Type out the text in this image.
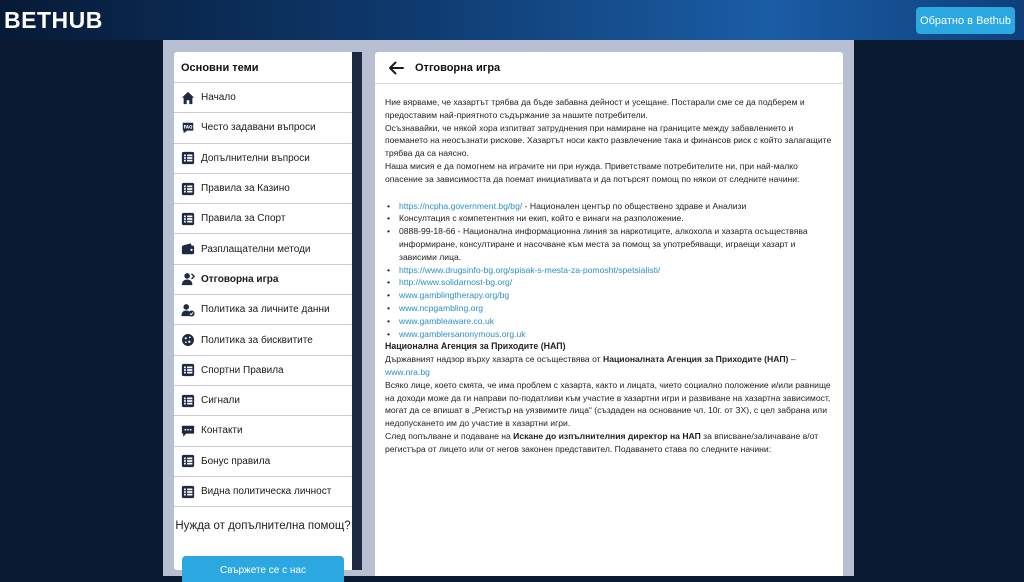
BETHUB	Обратно в Bethub
Основни теми
Начало
FAQ Често задавани въпроси
Допълнителни въпроси
Правила за Казино
Правила за Спорт
Разплащателни методи
Отговорна игра
Политика за личните данни
Политика за бисквитите
Спортни Правила
Сигнали
Контакти
Бонус правила
Видна политическа личност
Нужда от допълнителна помощ?
Свържете се с нас
Отговорна игра

Ние вярваме, че хазартът трябва да бъде забавна дейност и усещане. Постарали сме се да подберем и предоставим най-приятното съдържание за нашите потребители.

Осъзнавайки, че някой хора изпитват затруднения при намиране на границите между забавлението и поемането на неосъзнати рискове. Хазартът носи както развлечение така и финансов риск с който залагащите трябва да са наясно.

Наша мисия е да помогнем на играчите ни при нужда. Приветстваме потребителите ни, при най-малко опасение за зависимостта да поемат инициативата и да потърсят помощ по някои от следните начини:

• https://ncpha.government.bg/bg/ - Национален център по обществено здраве и Анализи
• Консултация с компетентния ни екип, който е винаги на разположение.
• 0888-99-18-66 - Национална информационна линия за наркотиците, алкохола и хазарта осъществява информиране, консултиране и насочване към места за помощ за употребяващи, играещи хазарт и зависими лица.
• https://www.drugsinfo-bg.org/spisak-s-mesta-za-pomosht/spetsialisti/
• http://www.solidarnost-bg.org/
• www.gamblingtherapy.org/bg
• www.ncpgambling.org
• www.gambleaware.co.uk
• www.gamblersanonymous.org.uk

Национална Агенция за Приходите (НАП)

Държавният надзор върху хазарта се осъществява от Националната Агенция за Приходите (НАП) – www.nra.bg

Всяко лице, което смята, че има проблем с хазарта, както и лицата, чието социално положение и/или равнище на доходи може да ги направи по-податливи към участие в хазартни игри и развиване на хазартна зависимост, могат да се впишат в „Регистър на уязвимите лица“ (създаден на основание чл. 10г. от ЗХ), с цел забрана или недопускането им до участие в хазартни игри.

След попълване и подаване на Искане до изпълнителния директор на НАП за вписване/заличаване в/от регистъра от лицето или от негов законен представител. Подаването става по следните начини:
